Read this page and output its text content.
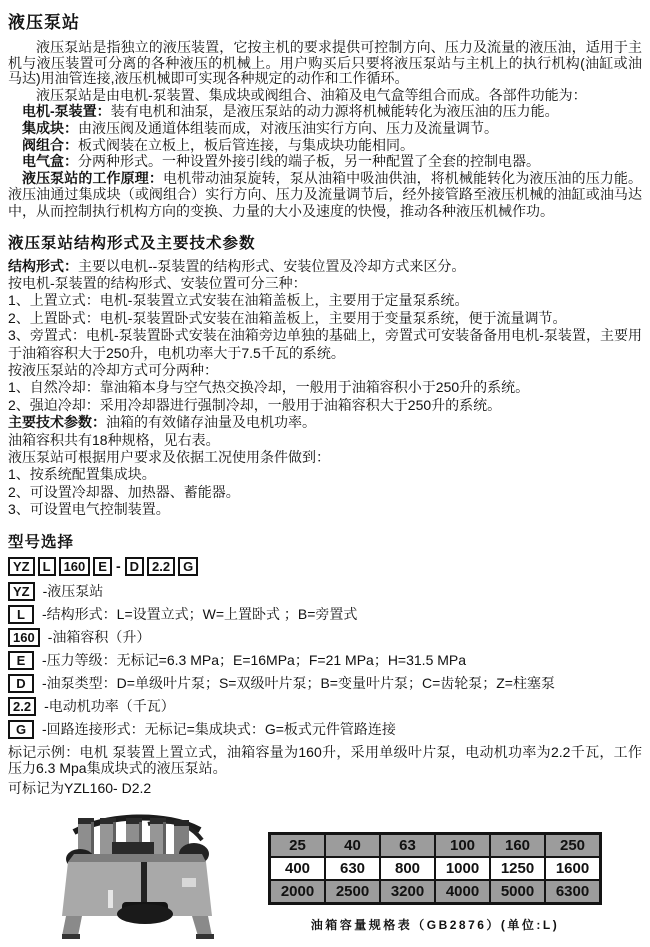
液压泵站

液压泵站是指独立的液压装置，它按主机的要求提供可控制方向、压力及流量的液压油，适用于主机与液压装置可分离的各种液压的机械上。用户购买后只要将液压泵站与主机上的执行机构(油缸或油马达)用油管连接,液压机械即可实现各种规定的动作和工作循环。

液压泵站是由电机-泵装置、集成块或阀组合、油箱及电气盒等组合而成。各部件功能为：

电机-泵装置：装有电机和油泵，是液压泵站的动力源将机械能转化为液压油的压力能。

集成块：由液压阀及通道体组装而成，对液压油实行方向、压力及流量调节。

阀组合：板式阀装在立板上，板后管连接，与集成块功能相同。

电气盒：分两种形式。一种设置外接引线的端子板，另一种配置了全套的控制电器。

液压泵站的工作原理：电机带动油泵旋转，泵从油箱中吸油供油，将机械能转化为液压油的压力能。液压油通过集成块（或阀组合）实行方向、压力及流量调节后，经外接管路至液压机械的油缸或油马达中，从而控制执行机构方向的变换、力量的大小及速度的快慢，推动各种液压机械作功。

液压泵站结构形式及主要技术参数

结构形式：主要以电机--泵装置的结构形式、安装位置及冷却方式来区分。

按电机-泵装置的结构形式、安装位置可分三种：

1、上置立式：电机-泵装置立式安装在油箱盖板上，主要用于定量泵系统。

2、上置卧式：电机-泵装置卧式安装在油箱盖板上，主要用于变量泵系统，便于流量调节。

3、旁置式：电机-泵装置卧式安装在油箱旁边单独的基础上，旁置式可安装备备用电机-泵装置，主要用于油箱容积大于250升，电机功率大于7.5千瓦的系统。

按液压泵站的冷却方式可分两种：

1、自然冷却：靠油箱本身与空气热交换冷却，一般用于油箱容积小于250升的系统。

2、强迫冷却：采用冷却器进行强制冷却，一般用于油箱容积大于250升的系统。

主要技术参数：油箱的有效储存油量及电机功率。

油箱容积共有18种规格，见右表。

液压泵站可根据用户要求及依据工况使用条件做到：

1、按系统配置集成块。

2、可设置冷却器、加热器、蓄能器。

3、可设置电气控制装置。

型号选择
YZ	L	160	E - D	2.2	G
YZ -液压泵站
L	-结构形式：L=设置立式；W=上置卧式 ；B=旁置式
160 -油箱容积（升）
E	-压力等级：无标记=6.3 MPa；E=16MPa；F=21 MPa；H=31.5 MPa
D	-油泵类型：D=单级叶片泵；S=双级叶片泵；B=变量叶片泵；C=齿轮泵；Z=柱塞泵
2.2 -电动机功率（千瓦）
G	-回路连接形式：无标记=集成块式：G=板式元件管路连接

标记示例：电机 泵装置上置立式，油箱容量为160升，采用单级叶片泵，电动机功率为2.2千瓦，工作压力6.3 Mpa集成块式的液压泵站。

可标记为YZL160- D2.2

25	40	63	100	160	250
400	630	800	1000	1250	1600
2000	2500	3200	4000	5000	6300
油箱容量规格表（GB2876）(单位:L)
